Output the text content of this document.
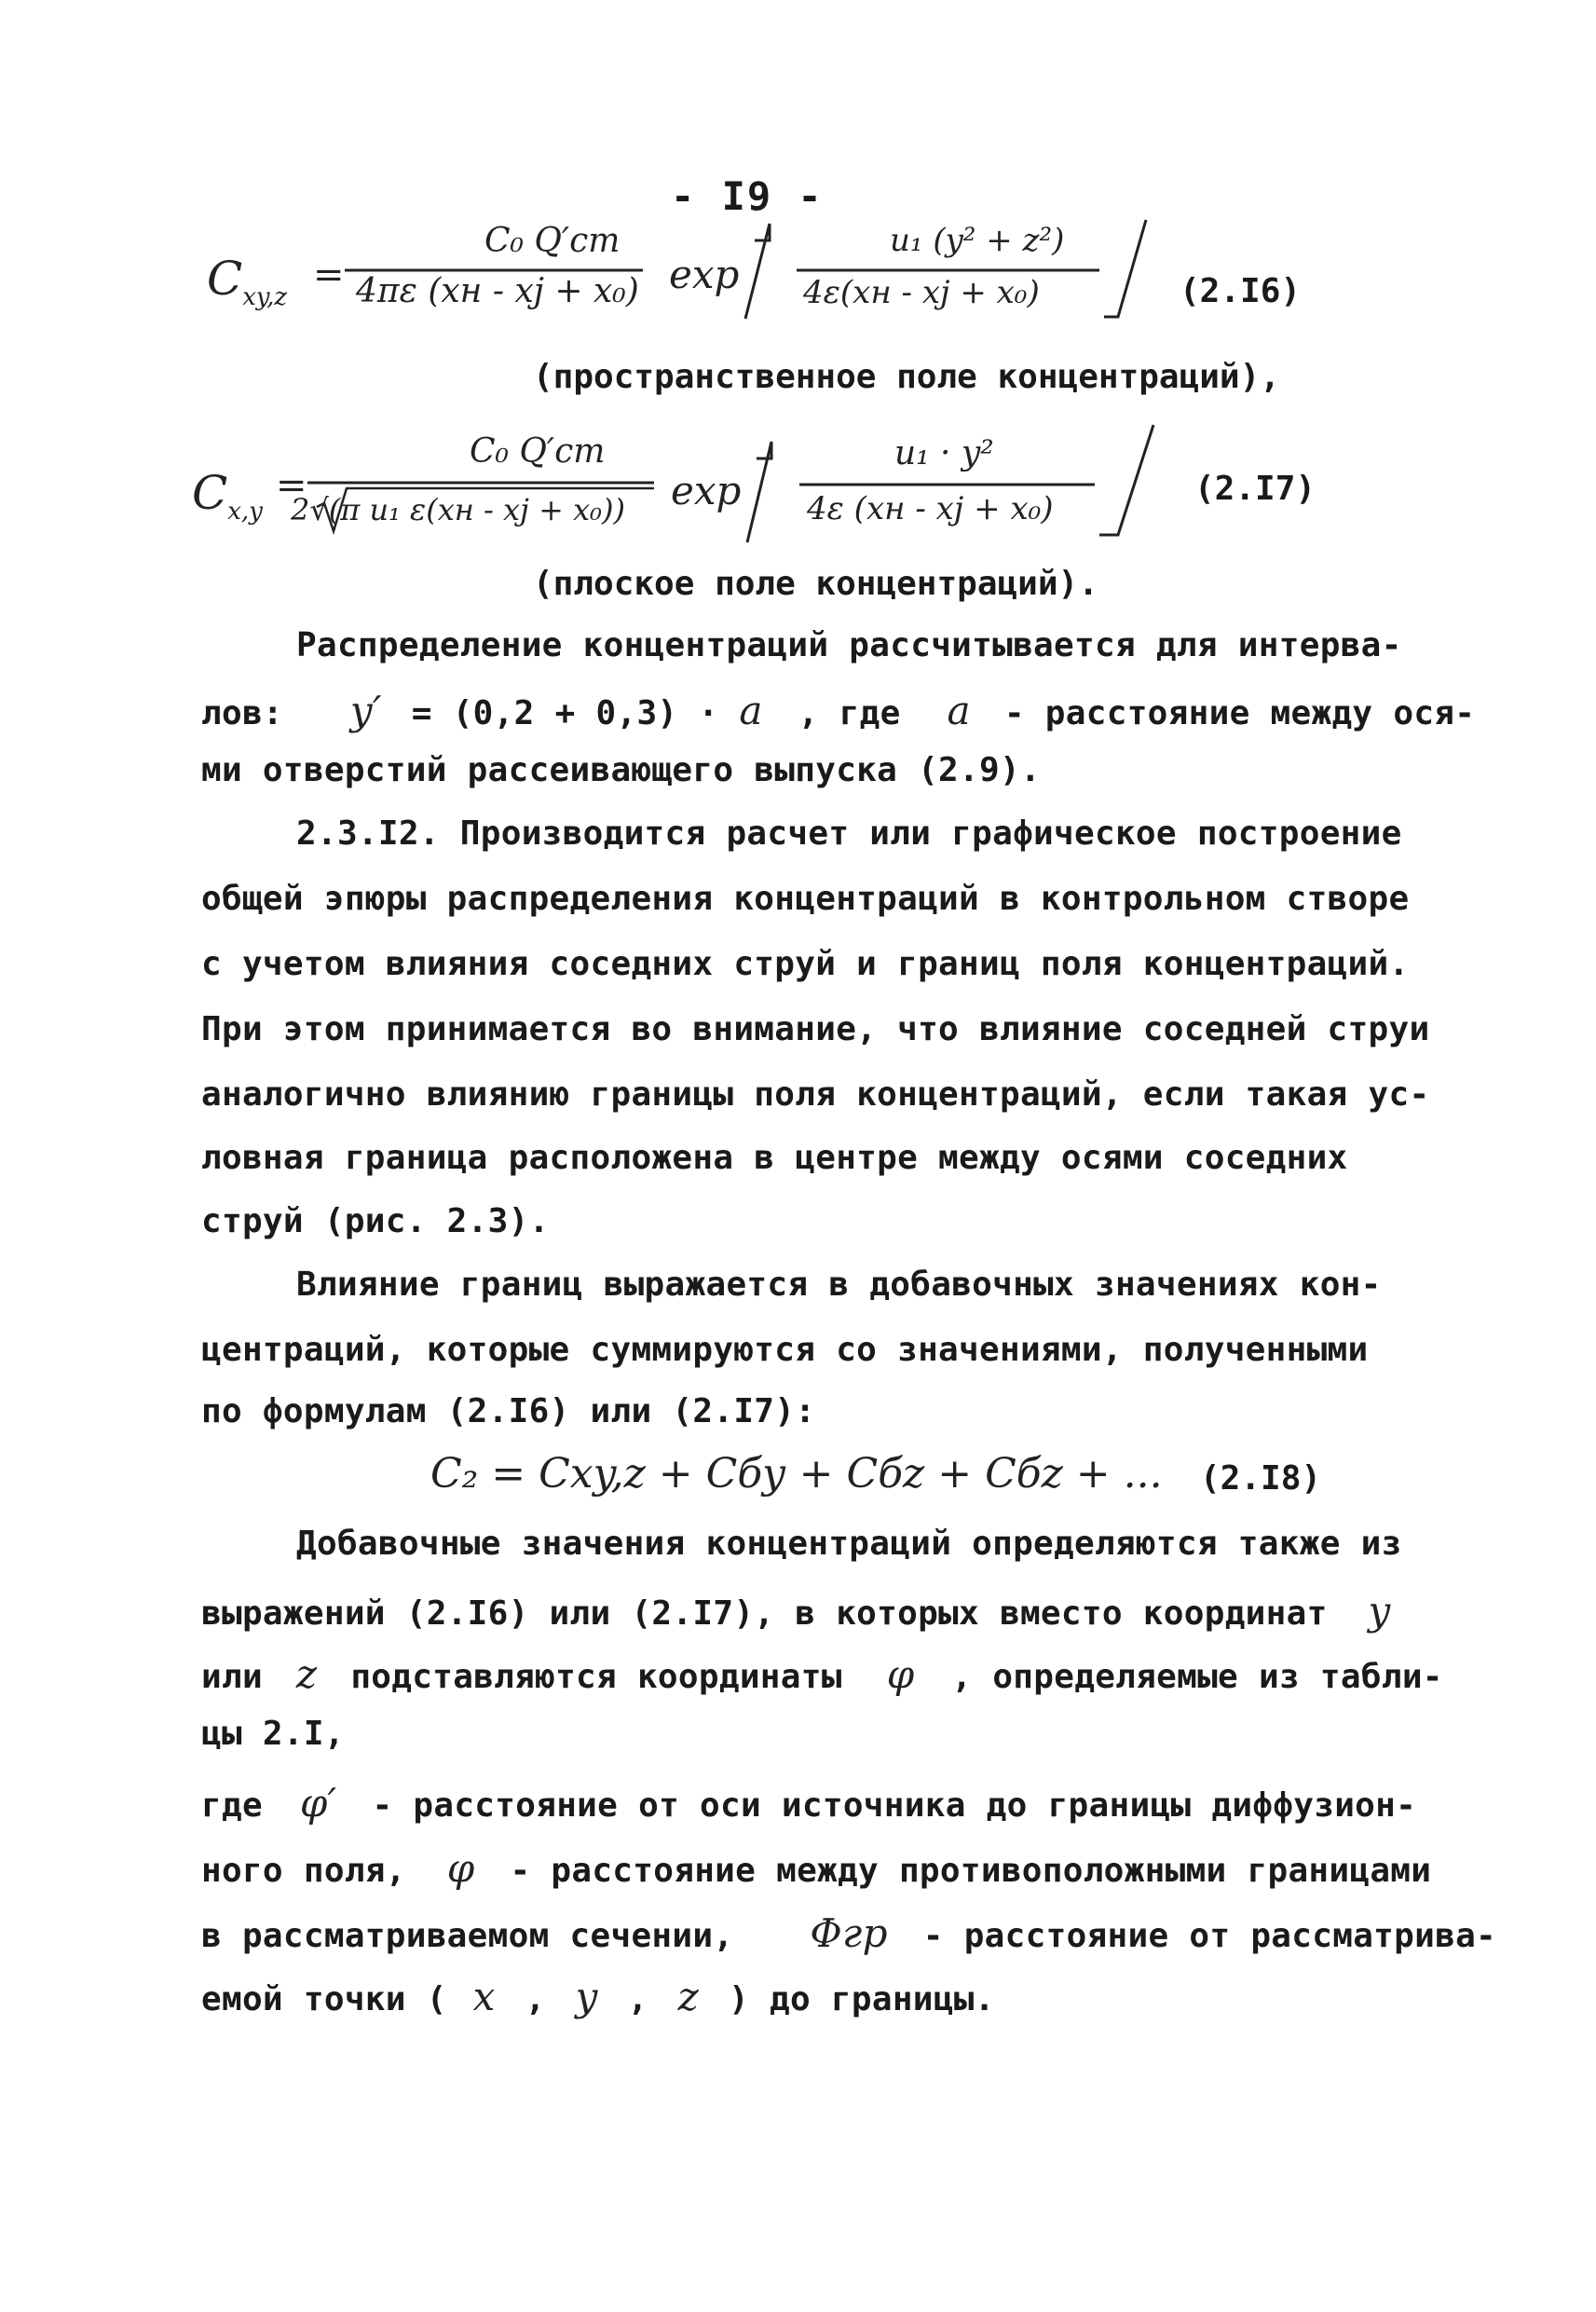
- I9 -
$C_{xy,z}$
=
C₀ Q′ст
4πε (xн - xj + x₀) exp
u₁ (y² + z²)
4ε(xн - xj + x₀)	(2.I6)
(пространственное поле концентраций),
$C_{x,y}$
=
C₀ Q′ст
2√(π u₁ ε(xн - xj + x₀)) exp
u₁ · y²
4ε (xн - xj + x₀)
(2.I7)
(плоское поле концентраций).
Распределение концентраций рассчитывается для интерва-
лов: y′ = (0,2 + 0,3) · a , где a - расстояние между ося-
ми отверстий рассеивающего выпуска (2.9).
2.3.I2. Производится расчет или графическое построение
общей эпюры распределения концентраций в контрольном створе
с учетом влияния соседних струй и границ поля концентраций.
При этом принимается во внимание, что влияние соседней струи
аналогично влиянию границы поля концентраций, если такая ус-
ловная граница расположена в центре между осями соседних
струй (рис. 2.3).
Влияние границ выражается в добавочных значениях кон-
центраций, которые суммируются со значениями, полученными
по формулам (2.I6) или (2.I7):
C₂ = Cxy,z + Cбу + Cбz + Cбz + ... (2.I8)
Добавочные значения концентраций определяются также из
выражений (2.I6) или (2.I7), в которых вместо координат y
или z подставляются координаты φ , определяемые из табли-
цы 2.I,
где φ′ - расстояние от оси источника до границы диффузион-
ного поля, φ - расстояние между противоположными границами
в рассматриваемом сечении, Φгр - расстояние от рассматрива-
емой точки ( x , y , z ) до границы.
